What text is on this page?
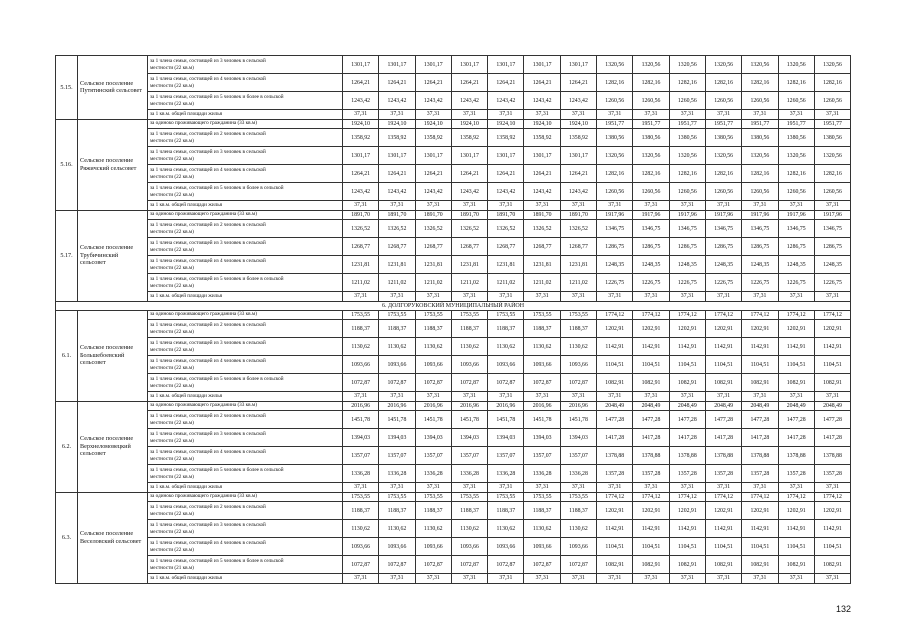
5.15.	Сельское поселение Путятинский сельсовет	за 1 члена семьи, состоящей из 3 человек в сельской
местности (22 кв.м)	1301,17	1301,17	1301,17	1301,17	1301,17	1301,17	1301,17	1320,56	1320,56	1320,56	1320,56	1320,56	1320,56	1320,56

		за 1 члена семьи, состоящей из 4 человек в сельской
местности (22 кв.м)	1264,21	1264,21	1264,21	1264,21	1264,21	1264,21	1264,21	1282,16	1282,16	1282,16	1282,16	1282,16	1282,16	1282,16

		за 1 члена семьи, состоящей из 5 человек и более в сельской
местности (22 кв.м)	1243,42	1243,42	1243,42	1243,42	1243,42	1243,42	1243,42	1260,56	1260,56	1260,56	1260,56	1260,56	1260,56	1260,56

		за 1 кв.м. общей площади жилья	37,31	37,31	37,31	37,31	37,31	37,31	37,31	37,31	37,31	37,31	37,31	37,31	37,31	37,31
5.16.	Сельское поселение Ряжичский сельсовет	за одиноко проживающего гражданина (33 кв.м)	1924,10	1924,10	1924,10	1924,10	1924,10	1924,10	1924,10	1951,77	1951,77	1951,77	1951,77	1951,77	1951,77	1951,77

		за 1 члена семьи, состоящей из 2 человек в сельской
местности (22 кв.м)	1358,92	1358,92	1358,92	1358,92	1358,92	1358,92	1358,92	1380,56	1380,56	1380,56	1380,56	1380,56	1380,56	1380,56

		за 1 члена семьи, состоящей из 3 человек в сельской
местности (22 кв.м)	1301,17	1301,17	1301,17	1301,17	1301,17	1301,17	1301,17	1320,56	1320,56	1320,56	1320,56	1320,56	1320,56	1320,56

		за 1 члена семьи, состоящей из 4 человек в сельской
местности (22 кв.м)	1264,21	1264,21	1264,21	1264,21	1264,21	1264,21	1264,21	1282,16	1282,16	1282,16	1282,16	1282,16	1282,16	1282,16

		за 1 члена семьи, состоящей из 5 человек и более в сельской
местности (22 кв.м)	1243,42	1243,42	1243,42	1243,42	1243,42	1243,42	1243,42	1260,56	1260,56	1260,56	1260,56	1260,56	1260,56	1260,56

		за 1 кв.м. общей площади жилья	37,31	37,31	37,31	37,31	37,31	37,31	37,31	37,31	37,31	37,31	37,31	37,31	37,31	37,31
5.17.	Сельское поселение Трубичинский сельсовет	за одиноко проживающего гражданина (33 кв.м)	1891,70	1891,70	1891,70	1891,70	1891,70	1891,70	1891,70	1917,96	1917,96	1917,96	1917,96	1917,96	1917,96	1917,96

		за 1 члена семьи, состоящей из 2 человек в сельской
местности (22 кв.м)	1326,52	1326,52	1326,52	1326,52	1326,52	1326,52	1326,52	1346,75	1346,75	1346,75	1346,75	1346,75	1346,75	1346,75

		за 1 члена семьи, состоящей из 3 человек в сельской
местности (22 кв.м)	1268,77	1268,77	1268,77	1268,77	1268,77	1268,77	1268,77	1286,75	1286,75	1286,75	1286,75	1286,75	1286,75	1286,75

		за 1 члена семьи, состоящей из 4 человек в сельской
местности (22 кв.м)	1231,81	1231,81	1231,81	1231,81	1231,81	1231,81	1231,81	1248,35	1248,35	1248,35	1248,35	1248,35	1248,35	1248,35

		за 1 члена семьи, состоящей из 5 человек и более в сельской
местности (22 кв.м)	1211,02	1211,02	1211,02	1211,02	1211,02	1211,02	1211,02	1226,75	1226,75	1226,75	1226,75	1226,75	1226,75	1226,75

		за 1 кв.м. общей площади жилья	37,31	37,31	37,31	37,31	37,31	37,31	37,31	37,31	37,31	37,31	37,31	37,31	37,31	37,31
6. ДОЛГОРУКОВСКИЙ МУНИЦИПАЛЬНЫЙ РАЙОН																
6.1.	Сельское поселение Большебоевский сельсовет	за одиноко проживающего гражданина (33 кв.м)	1753,55	1753,55	1753,55	1753,55	1753,55	1753,55	1753,55	1774,12	1774,12	1774,12	1774,12	1774,12	1774,12	1774,12

		за 1 члена семьи, состоящей из 2 человек в сельской
местности (22 кв.м)	1188,37	1188,37	1188,37	1188,37	1188,37	1188,37	1188,37	1202,91	1202,91	1202,91	1202,91	1202,91	1202,91	1202,91

		за 1 члена семьи, состоящей из 3 человек в сельской
местности (22 кв.м)	1130,62	1130,62	1130,62	1130,62	1130,62	1130,62	1130,62	1142,91	1142,91	1142,91	1142,91	1142,91	1142,91	1142,91

		за 1 члена семьи, состоящей из 4 человек в сельской
местности (22 кв.м)	1093,66	1093,66	1093,66	1093,66	1093,66	1093,66	1093,66	1104,51	1104,51	1104,51	1104,51	1104,51	1104,51	1104,51

		за 1 члена семьи, состоящей из 5 человек и более в сельской
местности (22 кв.м)	1072,87	1072,87	1072,87	1072,87	1072,87	1072,87	1072,87	1082,91	1082,91	1082,91	1082,91	1082,91	1082,91	1082,91

		за 1 кв.м. общей площади жилья	37,31	37,31	37,31	37,31	37,31	37,31	37,31	37,31	37,31	37,31	37,31	37,31	37,31	37,31
6.2.	Сельское поселение Верхнеломовецкий сельсовет	за одиноко проживающего гражданина (33 кв.м)	2016,96	2016,96	2016,96	2016,96	2016,96	2016,96	2016,96	2048,49	2048,49	2048,49	2048,49	2048,49	2048,49	2048,49

		за 1 члена семьи, состоящей из 2 человек в сельской
местности (22 кв.м)	1451,78	1451,78	1451,78	1451,78	1451,78	1451,78	1451,78	1477,28	1477,28	1477,28	1477,28	1477,28	1477,28	1477,28

		за 1 члена семьи, состоящей из 3 человек в сельской
местности (22 кв.м)	1394,03	1394,03	1394,03	1394,03	1394,03	1394,03	1394,03	1417,28	1417,28	1417,28	1417,28	1417,28	1417,28	1417,28

		за 1 члена семьи, состоящей из 4 человек в сельской
местности (22 кв.м)	1357,07	1357,07	1357,07	1357,07	1357,07	1357,07	1357,07	1378,88	1378,88	1378,88	1378,88	1378,88	1378,88	1378,88

		за 1 члена семьи, состоящей из 5 человек и более в сельской
местности (22 кв.м)	1336,28	1336,28	1336,28	1336,28	1336,28	1336,28	1336,28	1357,28	1357,28	1357,28	1357,28	1357,28	1357,28	1357,28

		за 1 кв.м. общей площади жилья	37,31	37,31	37,31	37,31	37,31	37,31	37,31	37,31	37,31	37,31	37,31	37,31	37,31	37,31
6.3.	Сельское поселение Веселовский сельсовет	за одиноко проживающего гражданина (33 кв.м)	1753,55	1753,55	1753,55	1753,55	1753,55	1753,55	1753,55	1774,12	1774,12	1774,12	1774,12	1774,12	1774,12	1774,12

		за 1 члена семьи, состоящей из 2 человек в сельской
местности (22 кв.м)	1188,37	1188,37	1188,37	1188,37	1188,37	1188,37	1188,37	1202,91	1202,91	1202,91	1202,91	1202,91	1202,91	1202,91

		за 1 члена семьи, состоящей из 3 человек в сельской
местности (22 кв.м)	1130,62	1130,62	1130,62	1130,62	1130,62	1130,62	1130,62	1142,91	1142,91	1142,91	1142,91	1142,91	1142,91	1142,91

		за 1 члена семьи, состоящей из 4 человек в сельской
местности (22 кв.м)	1093,66	1093,66	1093,66	1093,66	1093,66	1093,66	1093,66	1104,51	1104,51	1104,51	1104,51	1104,51	1104,51	1104,51

		за 1 члена семьи, состоящей из 5 человек и более в сельской
местности (21 кв.м)	1072,87	1072,87	1072,87	1072,87	1072,87	1072,87	1072,87	1082,91	1082,91	1082,91	1082,91	1082,91	1082,91	1082,91

		за 1 кв.м. общей площади жилья	37,31	37,31	37,31	37,31	37,31	37,31	37,31	37,31	37,31	37,31	37,31	37,31	37,31	37,31
132
